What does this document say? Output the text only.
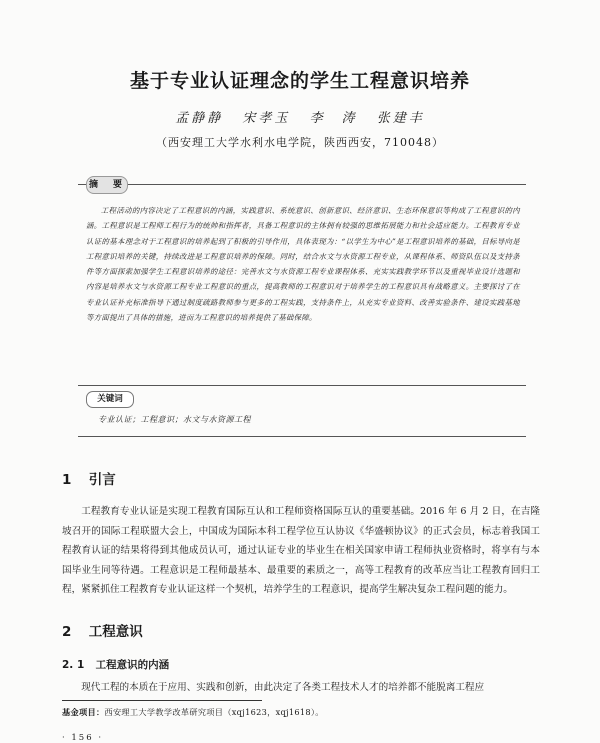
基于专业认证理念的学生工程意识培养
孟静静 宋孝玉 李　涛 张建丰
（西安理工大学水利水电学院，陕西西安，710048）
摘　要
工程活动的内容决定了工程意识的内涵，实践意识、系统意识、创新意识、经济意识、生态环保意识等构成了工程意识的内涵。工程意识是工程师工程行为的统帅和指挥者，具备工程意识的主体拥有较强的思维拓展能力和社会适应能力。工程教育专业认证的基本理念对于工程意识的培养起到了积极的引导作用，具体表现为：“以学生为中心”是工程意识培养的基础，目标导向是工程意识培养的关键，持续改进是工程意识培养的保障。同时，结合水文与水资源工程专业，从课程体系、师资队伍以及支持条件等方面探索加强学生工程意识培养的途径：完善水文与水资源工程专业课程体系、充实实践教学环节以及重视毕业设计选题和内容是培养水文与水资源工程专业工程意识的重点，提高教师的工程意识对于培养学生的工程意识具有战略意义。主要探讨了在专业认证补充标准指导下通过制度疏路教师参与更多的工程实践，支持条件上，从充实专业资料、改善实验条件、建设实践基地等方面提出了具体的措施，进而为工程意识的培养提供了基础保障。
关键词
专业认证；工程意识；水文与水资源工程
1 引言
工程教育专业认证是实现工程教育国际互认和工程师资格国际互认的重要基础。2016 年 6 月 2 日，在吉隆坡召开的国际工程联盟大会上，中国成为国际本科工程学位互认协议《华盛顿协议》的正式会员，标志着我国工程教育认证的结果将得到其他成员认可，通过认证专业的毕业生在相关国家申请工程师执业资格时，将享有与本国毕业生同等待遇。工程意识是工程师最基本、最重要的素质之一，高等工程教育的改革应当让工程教育回归工程，紧紧抓住工程教育专业认证这样一个契机，培养学生的工程意识，提高学生解决复杂工程问题的能力。
2 工程意识
2. 1 工程意识的内涵
现代工程的本质在于应用、实践和创新，由此决定了各类工程技术人才的培养都不能脱离工程应
基金项目：西安理工大学教学改革研究项目（xqj1623，xqj1618）。
· 156 ·
